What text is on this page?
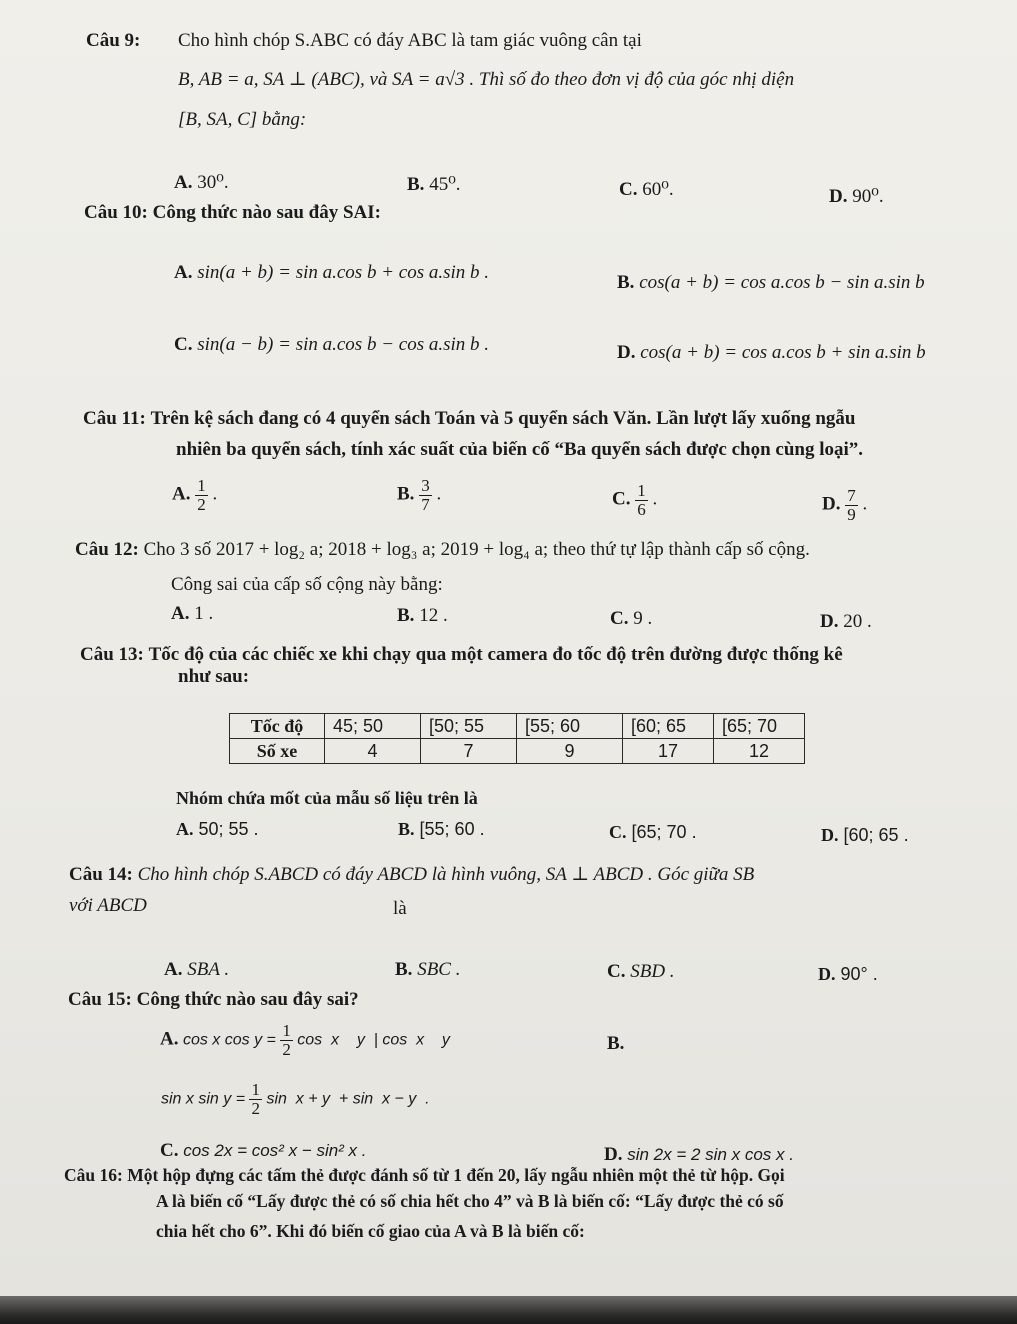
Câu 9: Cho hình chóp S.ABC có đáy ABC là tam giác vuông cân tại
B, AB = a, SA ⊥ (ABC), và SA = a√3 . Thì số đo theo đơn vị độ của góc nhị diện
[B, SA, C] bằng:
A. 30⁰.	B. 45⁰.	C. 60⁰.	D. 90⁰.
Câu 10: Công thức nào sau đây SAI:
A. sin(a + b) = sin a.cos b + cos a.sin b .	B. cos(a + b) = cos a.cos b − sin a.sin b
C. sin(a − b) = sin a.cos b − cos a.sin b .	D. cos(a + b) = cos a.cos b + sin a.sin b
Câu 11: Trên kệ sách đang có 4 quyển sách Toán và 5 quyển sách Văn. Lần lượt lấy xuống ngẫu
nhiên ba quyển sách, tính xác suất của biến cố “Ba quyển sách được chọn cùng loại”.
A. $\frac{1}{2}$ .	B. $\frac{3}{7}$ .	C. $\frac{1}{6}$ .	D. $\frac{7}{9}$ .
Câu 12: Cho 3 số 2017 + log₂ a; 2018 + log₃ a; 2019 + log₄ a; theo thứ tự lập thành cấp số cộng.
Công sai của cấp số cộng này bằng:
A. 1 .	B. 12 .	C. 9 .	D. 20 .
Câu 13: Tốc độ của các chiếc xe khi chạy qua một camera đo tốc độ trên đường được thống kê
như sau:
Tốc độ	45; 50	[50; 55	[55; 60	[60; 65	[65; 70
Số xe	4	7	9	17	12
Nhóm chứa mốt của mẫu số liệu trên là
A. 50; 55 .	B. [55; 60 .	C. [65; 70 .	D. [60; 65 .
Câu 14: Cho hình chóp S.ABCD có đáy ABCD là hình vuông, SA ⊥ ABCD . Góc giữa SB
với ABCD	là
A. SBA .	B. SBC .	C. SBD .	D. 90° .
Câu 15: Công thức nào sau đây sai?
A. cos x $\cos y = \frac{1}{2}$ cos  x    y  | cos  x    y	B.
sin x $\sin y = \frac{1}{2}$ sin  x + y  + sin  x − y  .
C. cos 2x = cos² x − sin² x .	D. sin 2x = 2 sin x cos x .
Câu 16: Một hộp đựng các tấm thẻ được đánh số từ 1 đến 20, lấy ngẫu nhiên một thẻ từ hộp. Gọi
A là biến cố “Lấy được thẻ có số chia hết cho 4” và B là biến cố: “Lấy được thẻ có số
chia hết cho 6”. Khi đó biến cố giao của A và B là biến cố:
